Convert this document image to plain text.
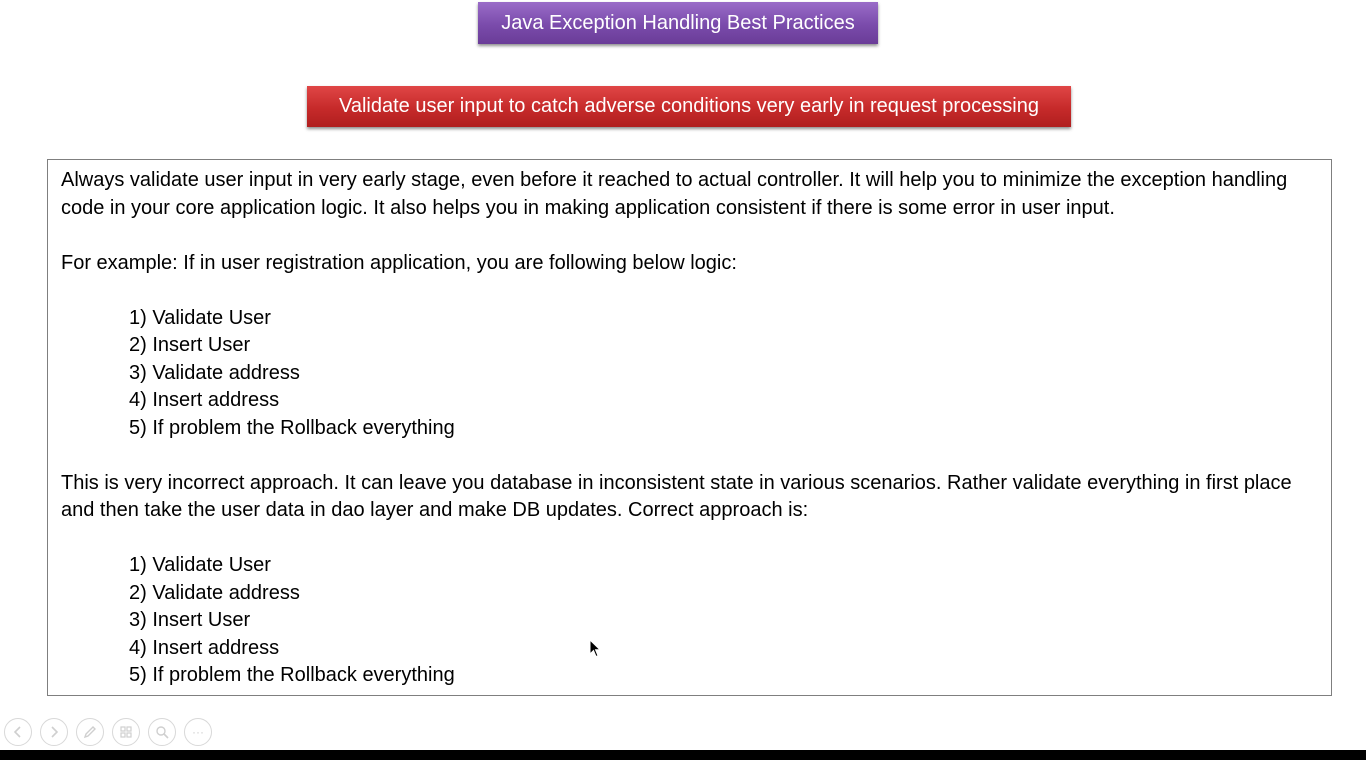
Java Exception Handling Best Practices
Validate user input to catch adverse conditions very early in request processing

Always validate user input in very early stage, even before it reached to actual controller. It will help you to minimize the exception handling code in your core application logic. It also helps you in making application consistent if there is some error in user input.

For example: If in user registration application, you are following below logic:

1) Validate User
2) Insert User
3) Validate address
4) Insert address
5) If problem the Rollback everything

This is very incorrect approach. It can leave you database in inconsistent state in various scenarios. Rather validate everything in first place and then take the user data in dao layer and make DB updates. Correct approach is:

1) Validate User
2) Validate address
3) Insert User
4) Insert address
5) If problem the Rollback everything
···
